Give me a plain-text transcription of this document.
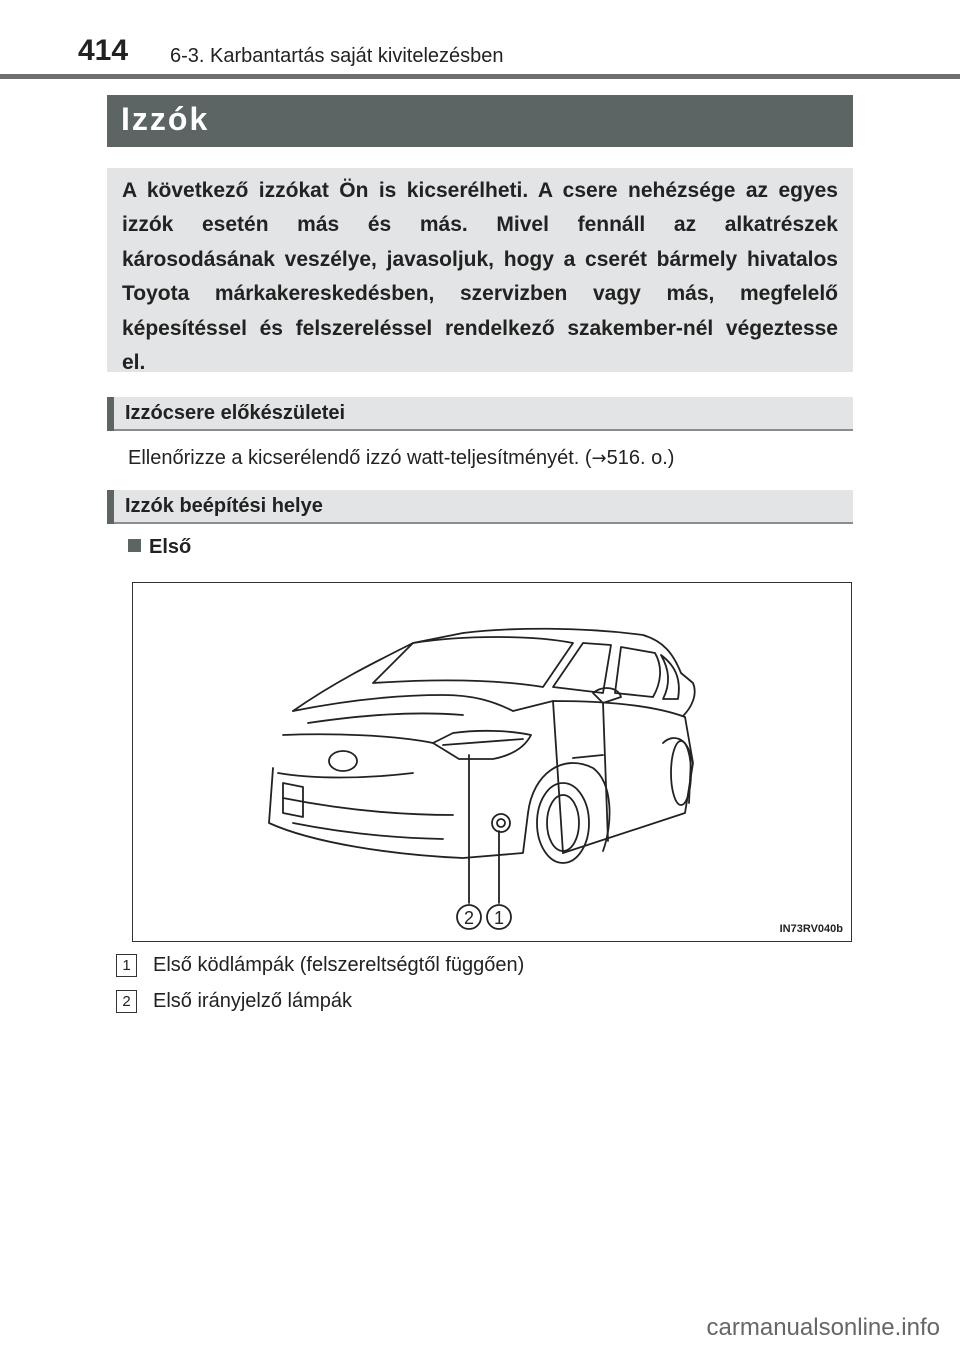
414 6-3. Karbantartás saját kivitelezésben
Izzók
A következő izzókat Ön is kicserélheti. A csere nehézsége az egyes izzók esetén más és más. Mivel fennáll az alkatrészek károsodásának veszélye, javasoljuk, hogy a cserét bármely hivatalos Toyota márkakereskedésben, szervizben vagy más, megfelelő képesítéssel és felszereléssel rendelkező szakember-nél végeztesse el.
Izzócsere előkészületei
Ellenőrizze a kicserélendő izzó watt-teljesítményét. (→516. o.)
Izzók beépítési helye
Első
2 1
IN73RV040b
1 Első ködlámpák (felszereltségtől függően)
2 Első irányjelző lámpák
carmanualsonline.info
